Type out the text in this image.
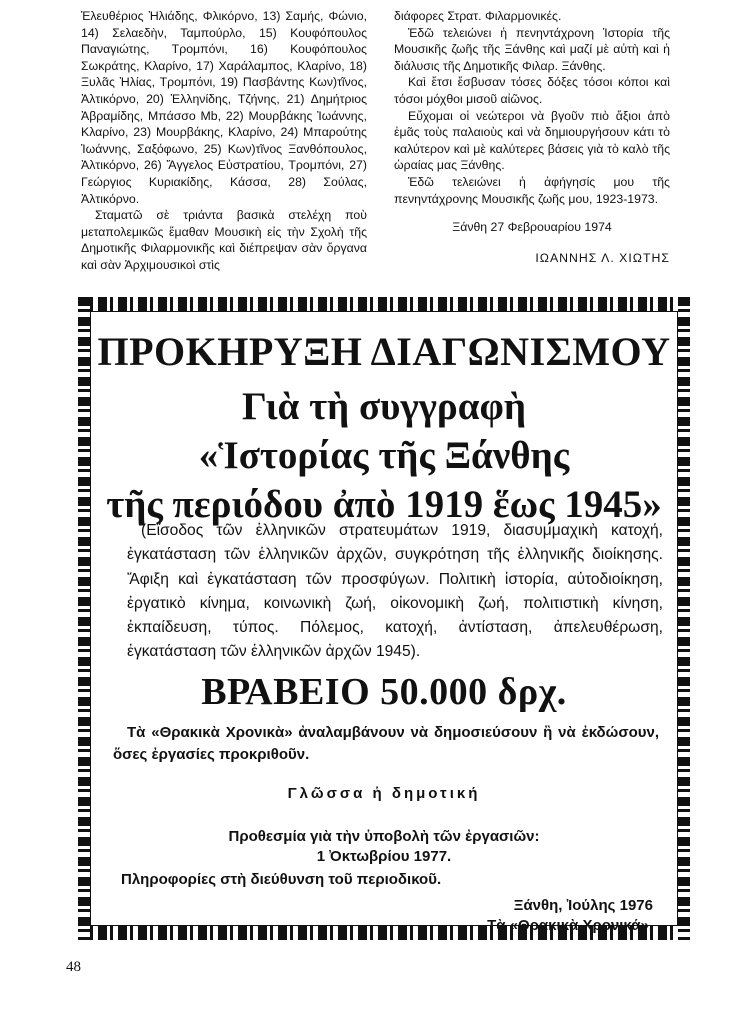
Ἐλευθέριος Ἠλιάδης, Φλικόρνο, 13) Σαμής, Φώνιο, 14) Σελαεδὴν, Ταμπούρλο, 15) Κουφόπουλος Παναγιώτης, Τρομπόνι, 16) Κουφόπουλος Σωκράτης, Κλαρίνο, 17) Χαράλαμπος, Κλαρίνο, 18) Ξυλᾶς Ἠλίας, Τρομπόνι, 19) Πασβάντης Κων)τῖνος, Ἀλτικόρνο, 20) Ἑλληνίδης, Τζήνης, 21) Δημήτριος Ἀβραμίδης, Μπάσσο Mb, 22) Μουρβάκης Ἰωάννης, Κλαρίνο, 23) Μουρβάκης, Κλαρίνο, 24) Μπαρούτης Ἰωάννης, Σαξόφωνο, 25) Κων)τῖνος Ξανθόπουλος, Ἀλτικόρνο, 26) Ἄγγελος Εὐστρατίου, Τρομπόνι, 27) Γεώργιος Κυριακίδης, Κάσσα, 28) Σούλας, Ἀλτικόρνο.

Σταματῶ σὲ τριάντα βασικὰ στελέχη ποὺ μεταπολεμικῶς ἔμαθαν Μουσικὴ εἰς τὴν Σχολὴ τῆς Δημοτικῆς Φιλαρμονικῆς καὶ διέπρεψαν σὰν ὄργανα καὶ σὰν Ἀρχιμουσικοὶ στὶς

διάφορες Στρατ. Φιλαρμονικές.

Ἐδῶ τελειώνει ἡ πενηντάχρονη Ἱστορία τῆς Μουσικῆς ζωῆς τῆς Ξάνθης καὶ μαζί μὲ αὐτὴ καὶ ἡ διάλυσις τῆς Δημοτικῆς Φιλαρ. Ξάνθης.

Καὶ ἔτσι ἔσβυσαν τόσες δόξες τόσοι κόποι καὶ τόσοι μόχθοι μισοῦ αἰῶνος.

Εὔχομαι οἱ νεώτεροι νὰ βγοῦν πιὸ ἄξιοι ἀπὸ ἐμᾶς τοὺς παλαιοὺς καὶ νὰ δημιουργήσουν κάτι τὸ καλύτερον καὶ μὲ καλύτερες βάσεις γιὰ τὸ καλὸ τῆς ὡραίας μας Ξάνθης.

Ἐδῶ τελειώνει ἡ ἀφήγησίς μου τῆς πενηντάχρονης Μουσικῆς ζωῆς μου, 1923-1973.

Ξάνθη 27 Φεβρουαρίου 1974

ΙΩΑΝΝΗΣ Λ. ΧΙΩΤΗΣ

ΠΡΟΚΗΡΥΞΗ ΔΙΑΓΩΝΙΣΜΟΥ
Γιὰ τὴ συγγραφὴ
«Ἱστορίας τῆς Ξάνθης
τῆς περιόδου ἀπὸ 1919 ἕως 1945»
(Εἴσοδος τῶν ἑλληνικῶν στρατευμάτων 1919, διασυμμαχικὴ κατοχή, ἐγκατάσταση τῶν ἑλληνικῶν ἀρχῶν, συγκρότηση τῆς ἑλληνικῆς διοίκησης. Ἄφιξη καὶ ἐγκατάσταση τῶν προσφύγων. Πολιτικὴ ἱστορία, αὐτοδιοίκηση, ἐργατικὸ κίνημα, κοινωνικὴ ζωή, οἰκονομικὴ ζωή, πολιτιστικὴ κίνηση, ἐκπαίδευση, τύπος. Πόλεμος, κατοχή, ἀντίσταση, ἀπελευθέρωση, ἐγκατάσταση τῶν ἑλληνικῶν ἀρχῶν 1945).
ΒΡΑΒΕΙΟ 50.000 δρχ.
Τὰ «Θρακικὰ Χρονικὰ» ἀναλαμβάνουν νὰ δημοσιεύσουν ἢ νὰ ἐκδώσουν, ὅσες ἐργασίες προκριθοῦν.
Γλῶσσα ἡ δημοτική
Προθεσμία γιὰ τὴν ὑποβολὴ τῶν ἐργασιῶν:
1 Ὀκτωβρίου 1977.
Πληροφορίες στὴ διεύθυνση τοῦ περιοδικοῦ.
Ξάνθη, Ἰούλης 1976
Τὰ «Θρακικὰ Χρονικά».
48
